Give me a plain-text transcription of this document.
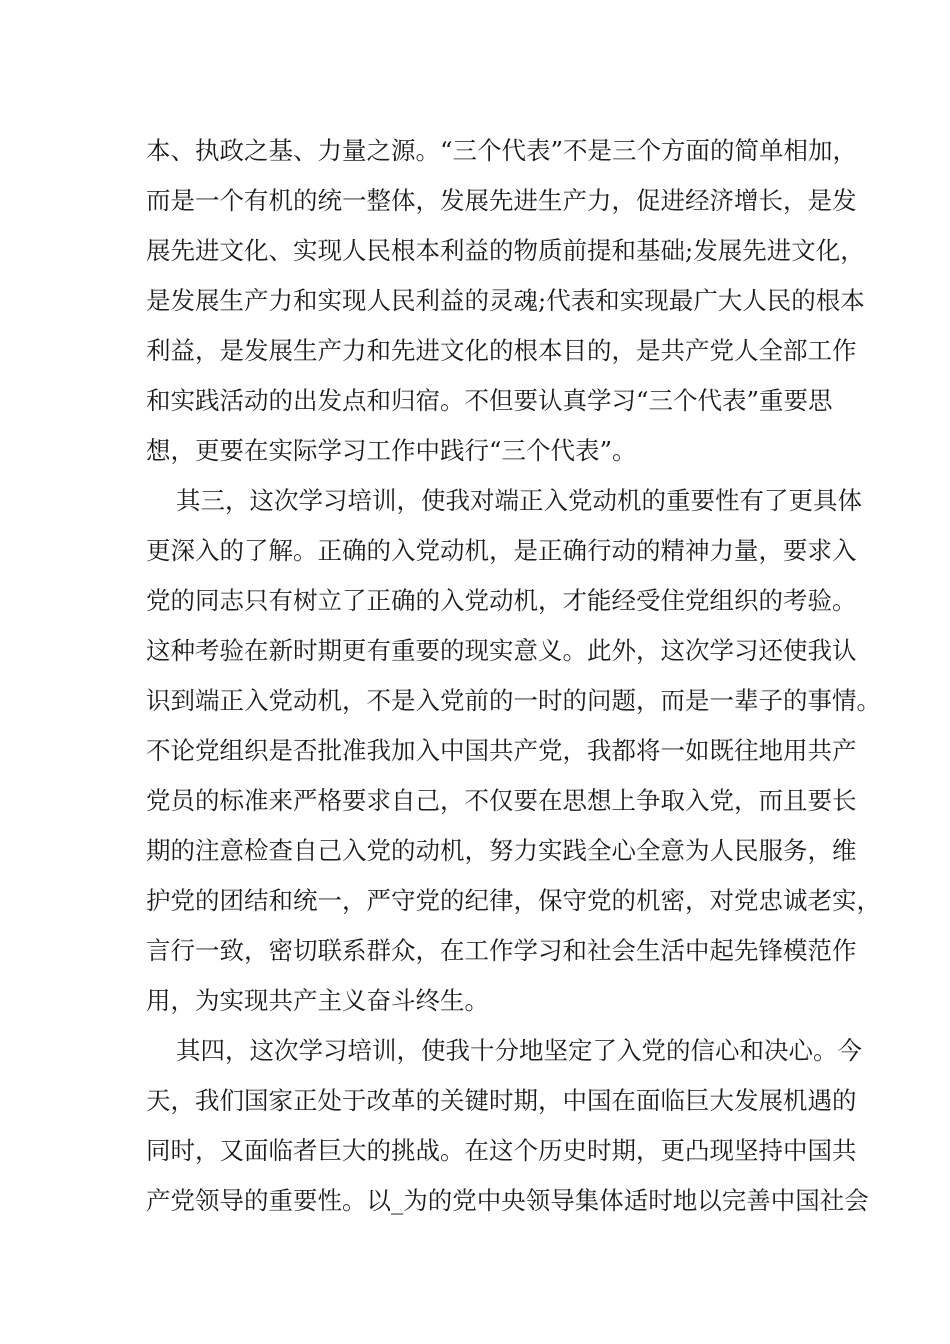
本、执政之基、力量之源。“三个代表”不是三个方面的简单相加，
而是一个有机的统一整体，发展先进生产力，促进经济增长，是发
展先进文化、实现人民根本利益的物质前提和基础;发展先进文化，
是发展生产力和实现人民利益的灵魂;代表和实现最广大人民的根本
利益，是发展生产力和先进文化的根本目的，是共产党人全部工作
和实践活动的出发点和归宿。不但要认真学习“三个代表”重要思
想，更要在实际学习工作中践行“三个代表”。
其三，这次学习培训，使我对端正入党动机的重要性有了更具体
更深入的了解。正确的入党动机，是正确行动的精神力量，要求入
党的同志只有树立了正确的入党动机，才能经受住党组织的考验。
这种考验在新时期更有重要的现实意义。此外，这次学习还使我认
识到端正入党动机，不是入党前的一时的问题，而是一辈子的事情。
不论党组织是否批准我加入中国共产党，我都将一如既往地用共产
党员的标准来严格要求自己，不仅要在思想上争取入党，而且要长
期的注意检查自己入党的动机，努力实践全心全意为人民服务，维
护党的团结和统一，严守党的纪律，保守党的机密，对党忠诚老实，
言行一致，密切联系群众，在工作学习和社会生活中起先锋模范作
用，为实现共产主义奋斗终生。
其四，这次学习培训，使我十分地坚定了入党的信心和决心。今
天，我们国家正处于改革的关键时期，中国在面临巨大发展机遇的
同时，又面临者巨大的挑战。在这个历史时期，更凸现坚持中国共
产党领导的重要性。以_为的党中央领导集体适时地以完善中国社会
